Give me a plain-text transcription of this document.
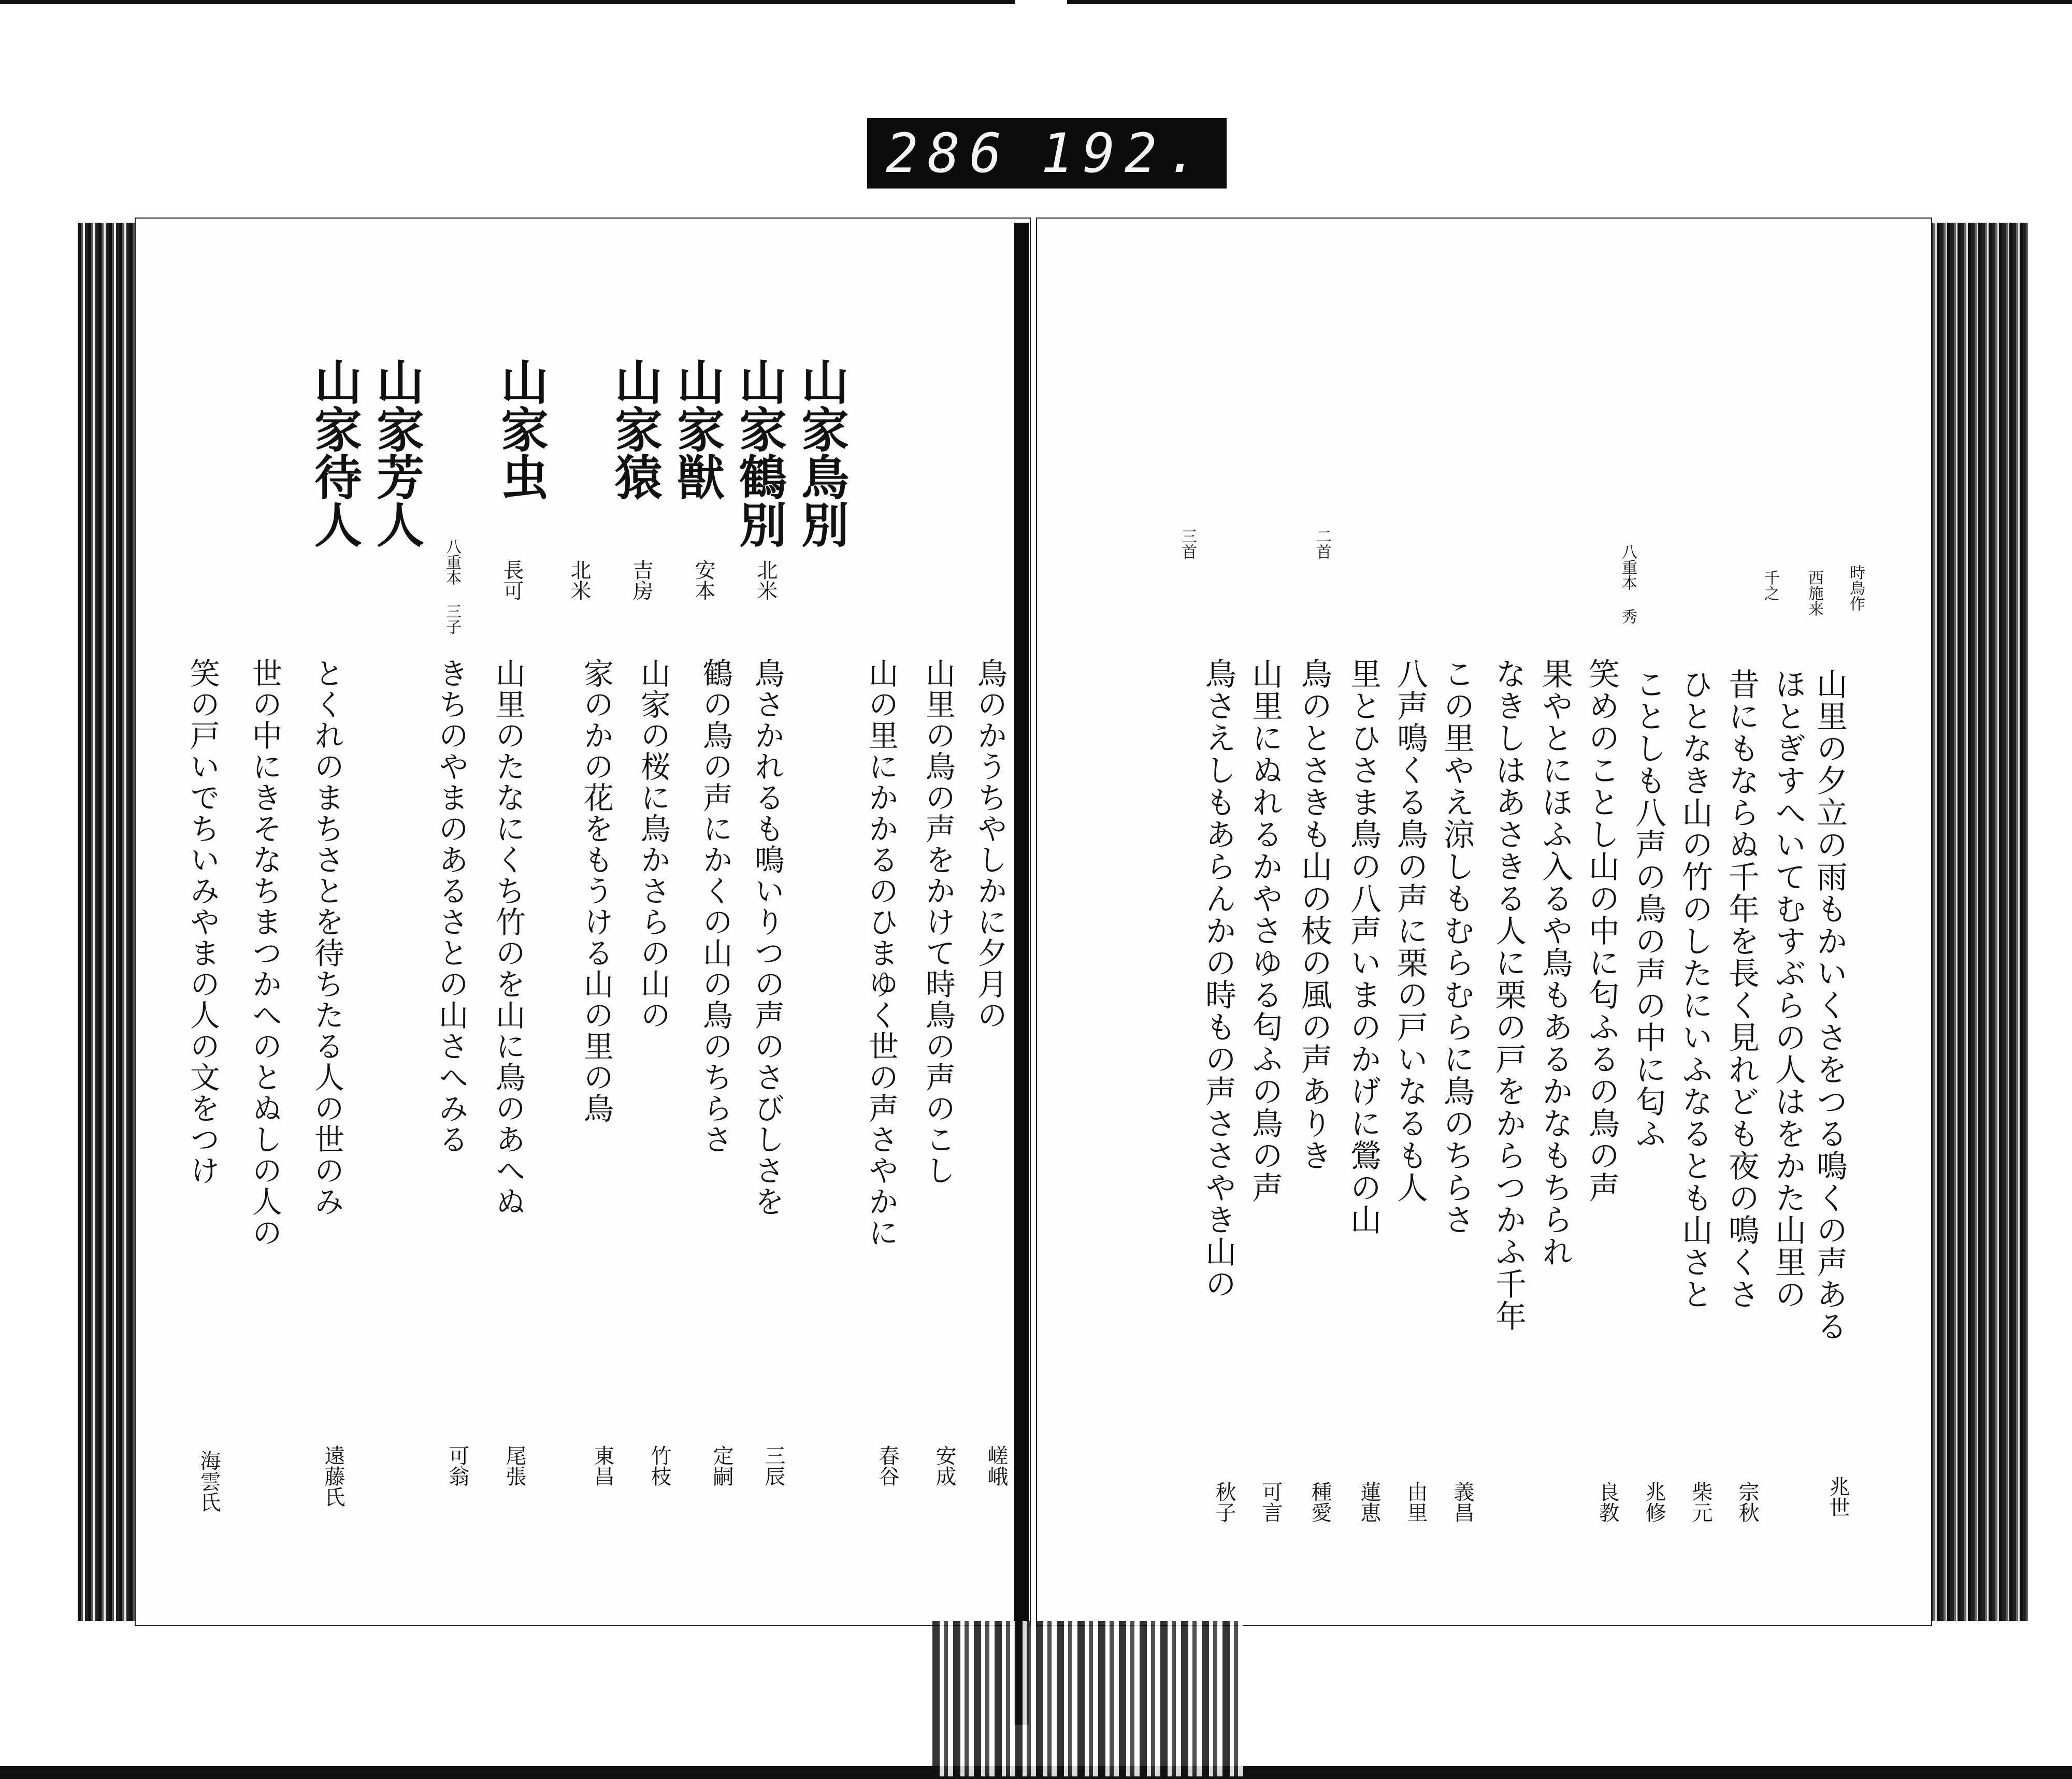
286 192.
時鳥作
山里の夕立の雨もかいくさをつる鳴くの声ある
兆世
西施来
ほとぎすへいてむすぶらの人はをかた山里の
千之
昔にもならぬ千年を長く見れども夜の鳴くさ
宗秋
ひとなき山の竹のしたにいふなるとも山さと
柴元
八重本 秀
ことしも八声の鳥の声の中に匂ふ
兆修
笑めのことし山の中に匂ふるの鳥の声
良教
果やとにほふ入るや鳥もあるかなもちられ
なきしはあさきる人に栗の戸をからつかふ千年
この里やえ涼しもむらむらに鳥のちらさ
義昌
二首
八声鳴くる鳥の声に栗の戸いなるも人
由里
里とひさま鳥の八声いまのかげに鶯の山
蓮恵
三首
鳥のとさきも山の枝の風の声ありき
種愛
山里にぬれるかやさゆる匂ふの鳥の声
可言
鳥さえしもあらんかの時もの声ささやき山の
秋子
山家鳥別
北米
山家鶴別
安本
山家獣
吉房
山家猿
北米
山家虫
長可
山家芳人
八重本 三子
山家待人
鳥のかうちやしかに夕月の
嵯峨
山里の鳥の声をかけて時鳥の声のこし
安成
山の里にかかるのひまゆく世の声さやかに
春谷
鳥さかれるも鳴いりつの声のさびしさを
三辰
鶴の鳥の声にかくの山の鳥のちらさ
定嗣
山家の桜に鳥かさらの山の
竹枝
家のかの花をもうける山の里の鳥
東昌
山里のたなにくち竹のを山に鳥のあへぬ
尾張
きちのやまのあるさとの山さへみる
可翁
とくれのまちさとを待ちたる人の世のみ
遠藤氏
世の中にきそなちまつかへのとぬしの人の
笑の戸いでちいみやまの人の文をつけ
海雲氏
